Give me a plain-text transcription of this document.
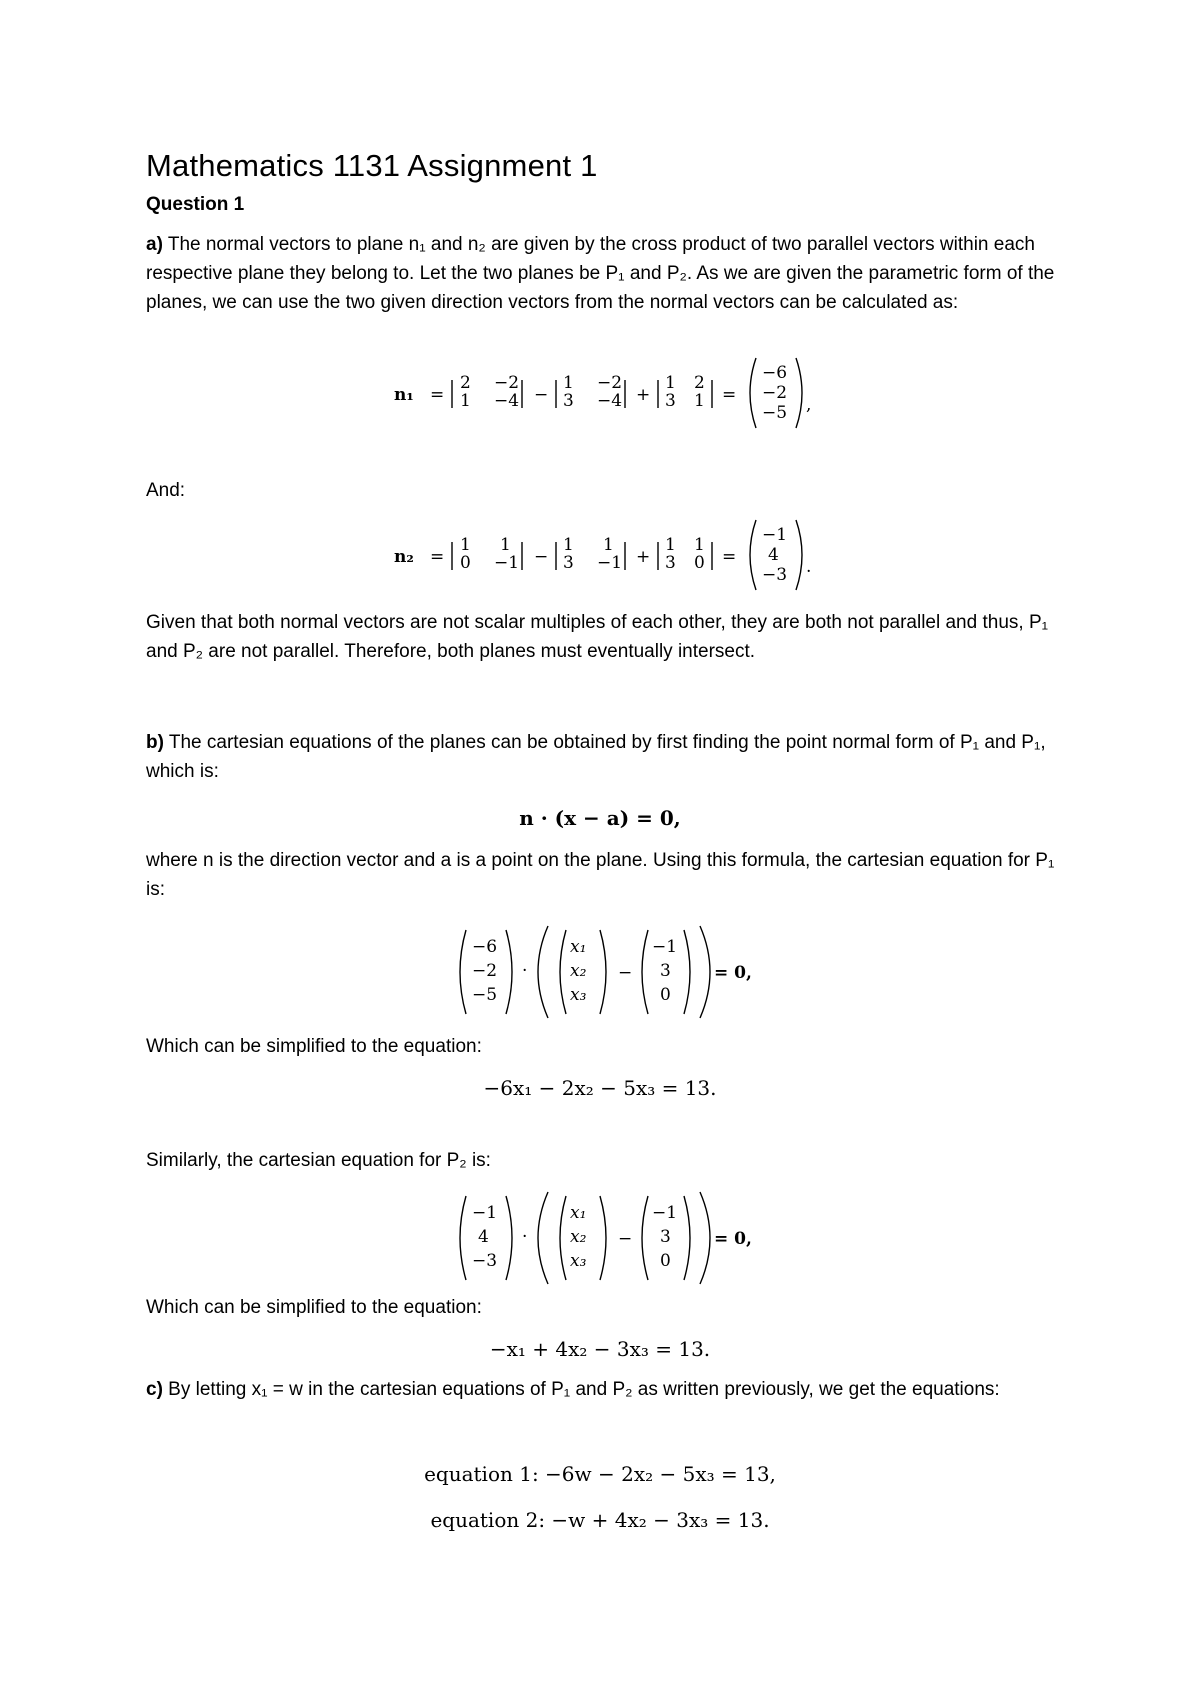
Mathematics 1131 Assignment 1
Question 1
a) The normal vectors to plane n₁ and n₂ are given by the cross product of two parallel vectors within each respective plane they belong to. Let the two planes be P₁ and P₂. As we are given the parametric form of the planes, we can use the two given direction vectors from the normal vectors can be calculated as:
n₁ =
2 −2
1 −4 −
1 −2
3 −4 +
1 2
3 1 =
−6
−2
−5 ,
And:
n₂ =
1 1
0 −1 −
1 1
3 −1 +
1 1
3 0 =
−1
4
−3 .
Given that both normal vectors are not scalar multiples of each other, they are both not parallel and thus, P₁ and P₂ are not parallel. Therefore, both planes must eventually intersect.
b) The cartesian equations of the planes can be obtained by first finding the point normal form of P₁ and P₁, which is:
n · (x − a) = 0,
where n is the direction vector and a is a point on the plane. Using this formula, the cartesian equation for P₁ is:
−6
−2
−5
·
x₁
x₂
x₃
−
−1
3
0
= 0,
Which can be simplified to the equation:
−6x₁ − 2x₂ − 5x₃ = 13.
Similarly, the cartesian equation for P₂ is:
−1
4
−3
·
x₁
x₂
x₃
−
−1
3
0
= 0,
Which can be simplified to the equation:
−x₁ + 4x₂ − 3x₃ = 13.
c) By letting x₁ = w in the cartesian equations of P₁ and P₂ as written previously, we get the equations:
equation 1: −6w − 2x₂ − 5x₃ = 13,
equation 2: −w + 4x₂ − 3x₃ = 13.
